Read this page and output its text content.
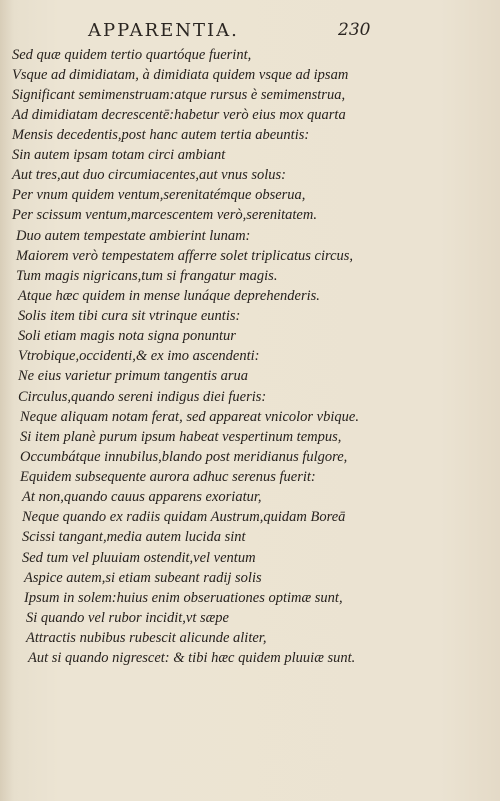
APPARENTIA.	230
Sed quæ quidem tertio quartóque fuerint,
Vsque ad dimidiatam, à dimidiata quidem vsque ad ipsam
Significant semimenstruam:atque rursus è semimenstrua,
Ad dimidiatam decrescentē:habetur verò eius mox quarta
Mensis decedentis,post hanc autem tertia abeuntis:
Sin autem ipsam totam circi ambiant
Aut tres,aut duo circumiacentes,aut vnus solus:
Per vnum quidem ventum,serenitatémque obseruа,
Per scissum ventum,marcescentem verò,serenitatem.
Duo autem tempestate ambierint lunam:
Maiorem verò tempestatem afferre solet triplicatus circus,
Tum magis nigricans,tum si frangatur magis.
Atque hæc quidem in mense lunáque deprehenderis.
Solis item tibi cura sit vtrinque euntis:
Soli etiam magis nota signa ponuntur
Vtrobique,occidenti,& ex imo ascendenti:
Ne eius varietur primum tangentis arua
Circulus,quando sereni indigus diei fueris:
Neque aliquam notam ferat, sed appareat vnicolor vbique.
Si item planè purum ipsum habeat vespertinum tempus,
Occumbátque innubilus,blando post meridianus fulgore,
Equidem subsequente aurora adhuc serenus fuerit:
At non,quando cauus apparens exoriatur,
Neque quando ex radiis quidam Austrum,quidam Boreā
Scissi tangant,media autem lucida sint
Sed tum vel pluuiam ostendit,vel ventum
Aspice autem,si etiam subeant radij solis
Ipsum in solem:huius enim obseruationes optimæ sunt,
Si quando vel rubor incidit,vt sæpe
Attractis nubibus rubescit alicunde aliter,
Aut si quando nigrescet: & tibi hæc quidem pluuiæ sunt.
